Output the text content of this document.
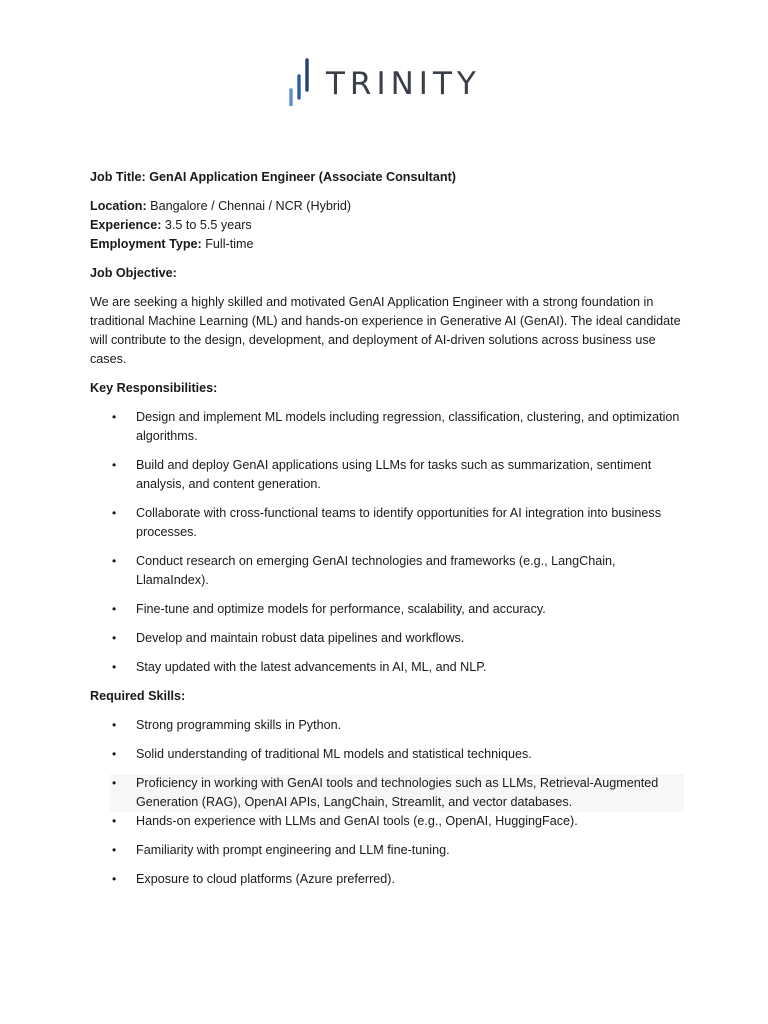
TRINITY

Job Title: GenAI Application Engineer (Associate Consultant)

Location: Bangalore / Chennai / NCR (Hybrid)

Experience: 3.5 to 5.5 years

Employment Type: Full-time

Job Objective:

We are seeking a highly skilled and motivated GenAI Application Engineer with a strong foundation in traditional Machine Learning (ML) and hands-on experience in Generative AI (GenAI). The ideal candidate will contribute to the design, development, and deployment of AI-driven solutions across business use cases.

Key Responsibilities:

• Design and implement ML models including regression, classification, clustering, and optimization algorithms.
• Build and deploy GenAI applications using LLMs for tasks such as summarization, sentiment analysis, and content generation.
• Collaborate with cross-functional teams to identify opportunities for AI integration into business processes.
• Conduct research on emerging GenAI technologies and frameworks (e.g., LangChain, LlamaIndex).
• Fine-tune and optimize models for performance, scalability, and accuracy.
• Develop and maintain robust data pipelines and workflows.
• Stay updated with the latest advancements in AI, ML, and NLP.

Required Skills:

• Strong programming skills in Python.
• Solid understanding of traditional ML models and statistical techniques.
• Proficiency in working with GenAI tools and technologies such as LLMs, Retrieval-Augmented Generation (RAG), OpenAI APIs, LangChain, Streamlit, and vector databases.
• Hands-on experience with LLMs and GenAI tools (e.g., OpenAI, HuggingFace).
• Familiarity with prompt engineering and LLM fine-tuning.
• Exposure to cloud platforms (Azure preferred).
